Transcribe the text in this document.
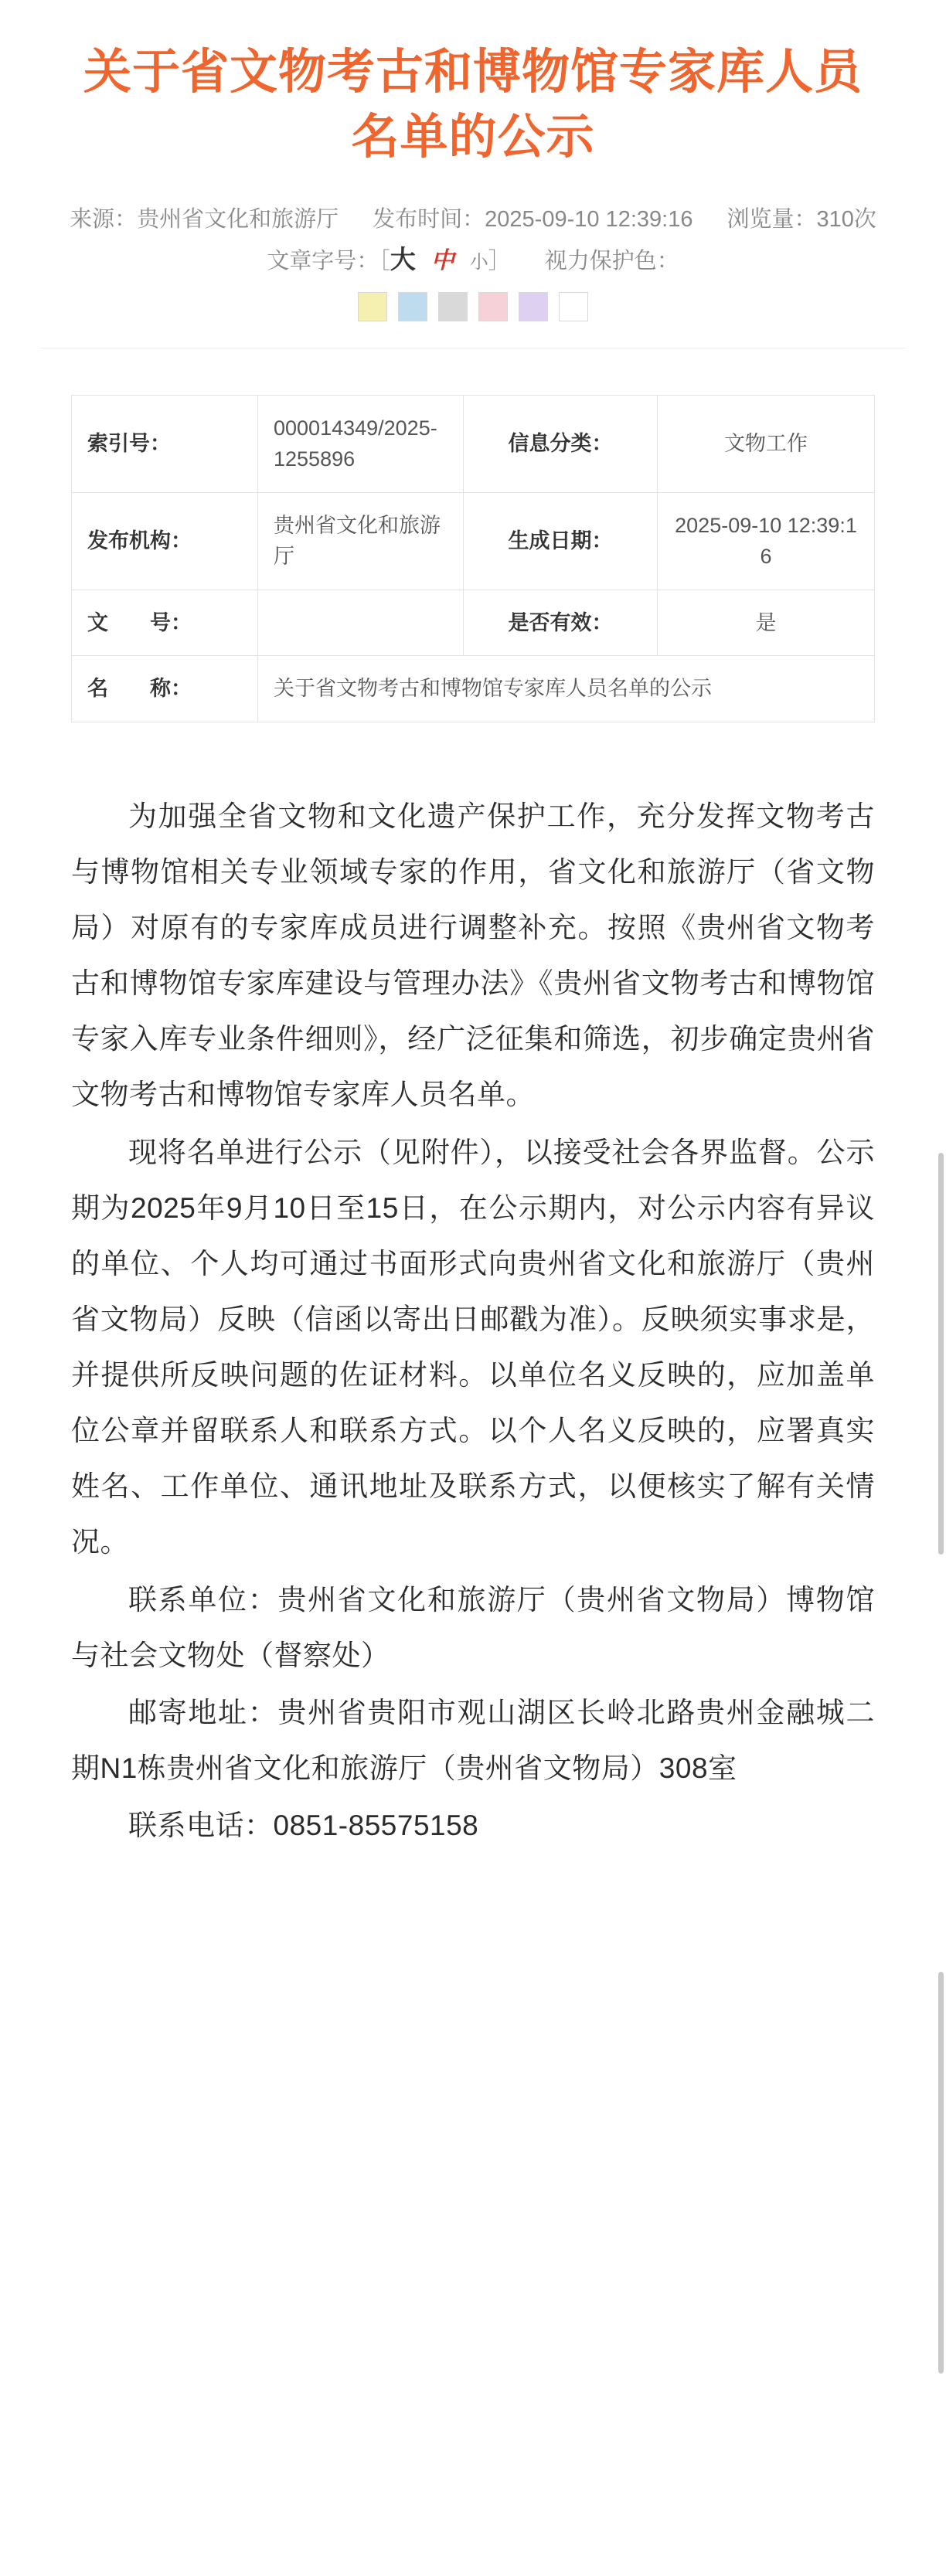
关于省文物考古和博物馆专家库人员名单的公示
来源：贵州省文化和旅游厅 发布时间：2025-09-10 12:39:16 浏览量：310次文章字号：［大 中 小］ 视力保护色：
索引号：	000014349/2025-1255896	信息分类：	文物工作
发布机构：	贵州省文化和旅游厅	生成日期：	2025-09-10 12:39:16
文　　号：		是否有效：	是
名　　称：	关于省文物考古和博物馆专家库人员名单的公示		

为加强全省文物和文化遗产保护工作，充分发挥文物考古与博物馆相关专业领域专家的作用，省文化和旅游厅（省文物局）对原有的专家库成员进行调整补充。按照《贵州省文物考古和博物馆专家库建设与管理办法》《贵州省文物考古和博物馆专家入库专业条件细则》，经广泛征集和筛选，初步确定贵州省文物考古和博物馆专家库人员名单。

现将名单进行公示（见附件），以接受社会各界监督。公示期为2025年9月10日至15日，在公示期内，对公示内容有异议的单位、个人均可通过书面形式向贵州省文化和旅游厅（贵州省文物局）反映（信函以寄出日邮戳为准）。反映须实事求是，并提供所反映问题的佐证材料。以单位名义反映的，应加盖单位公章并留联系人和联系方式。以个人名义反映的，应署真实姓名、工作单位、通讯地址及联系方式，以便核实了解有关情况。

联系单位：贵州省文化和旅游厅（贵州省文物局）博物馆与社会文物处（督察处）

邮寄地址：贵州省贵阳市观山湖区长岭北路贵州金融城二期N1栋贵州省文化和旅游厅（贵州省文物局）308室

联系电话：0851-85575158
